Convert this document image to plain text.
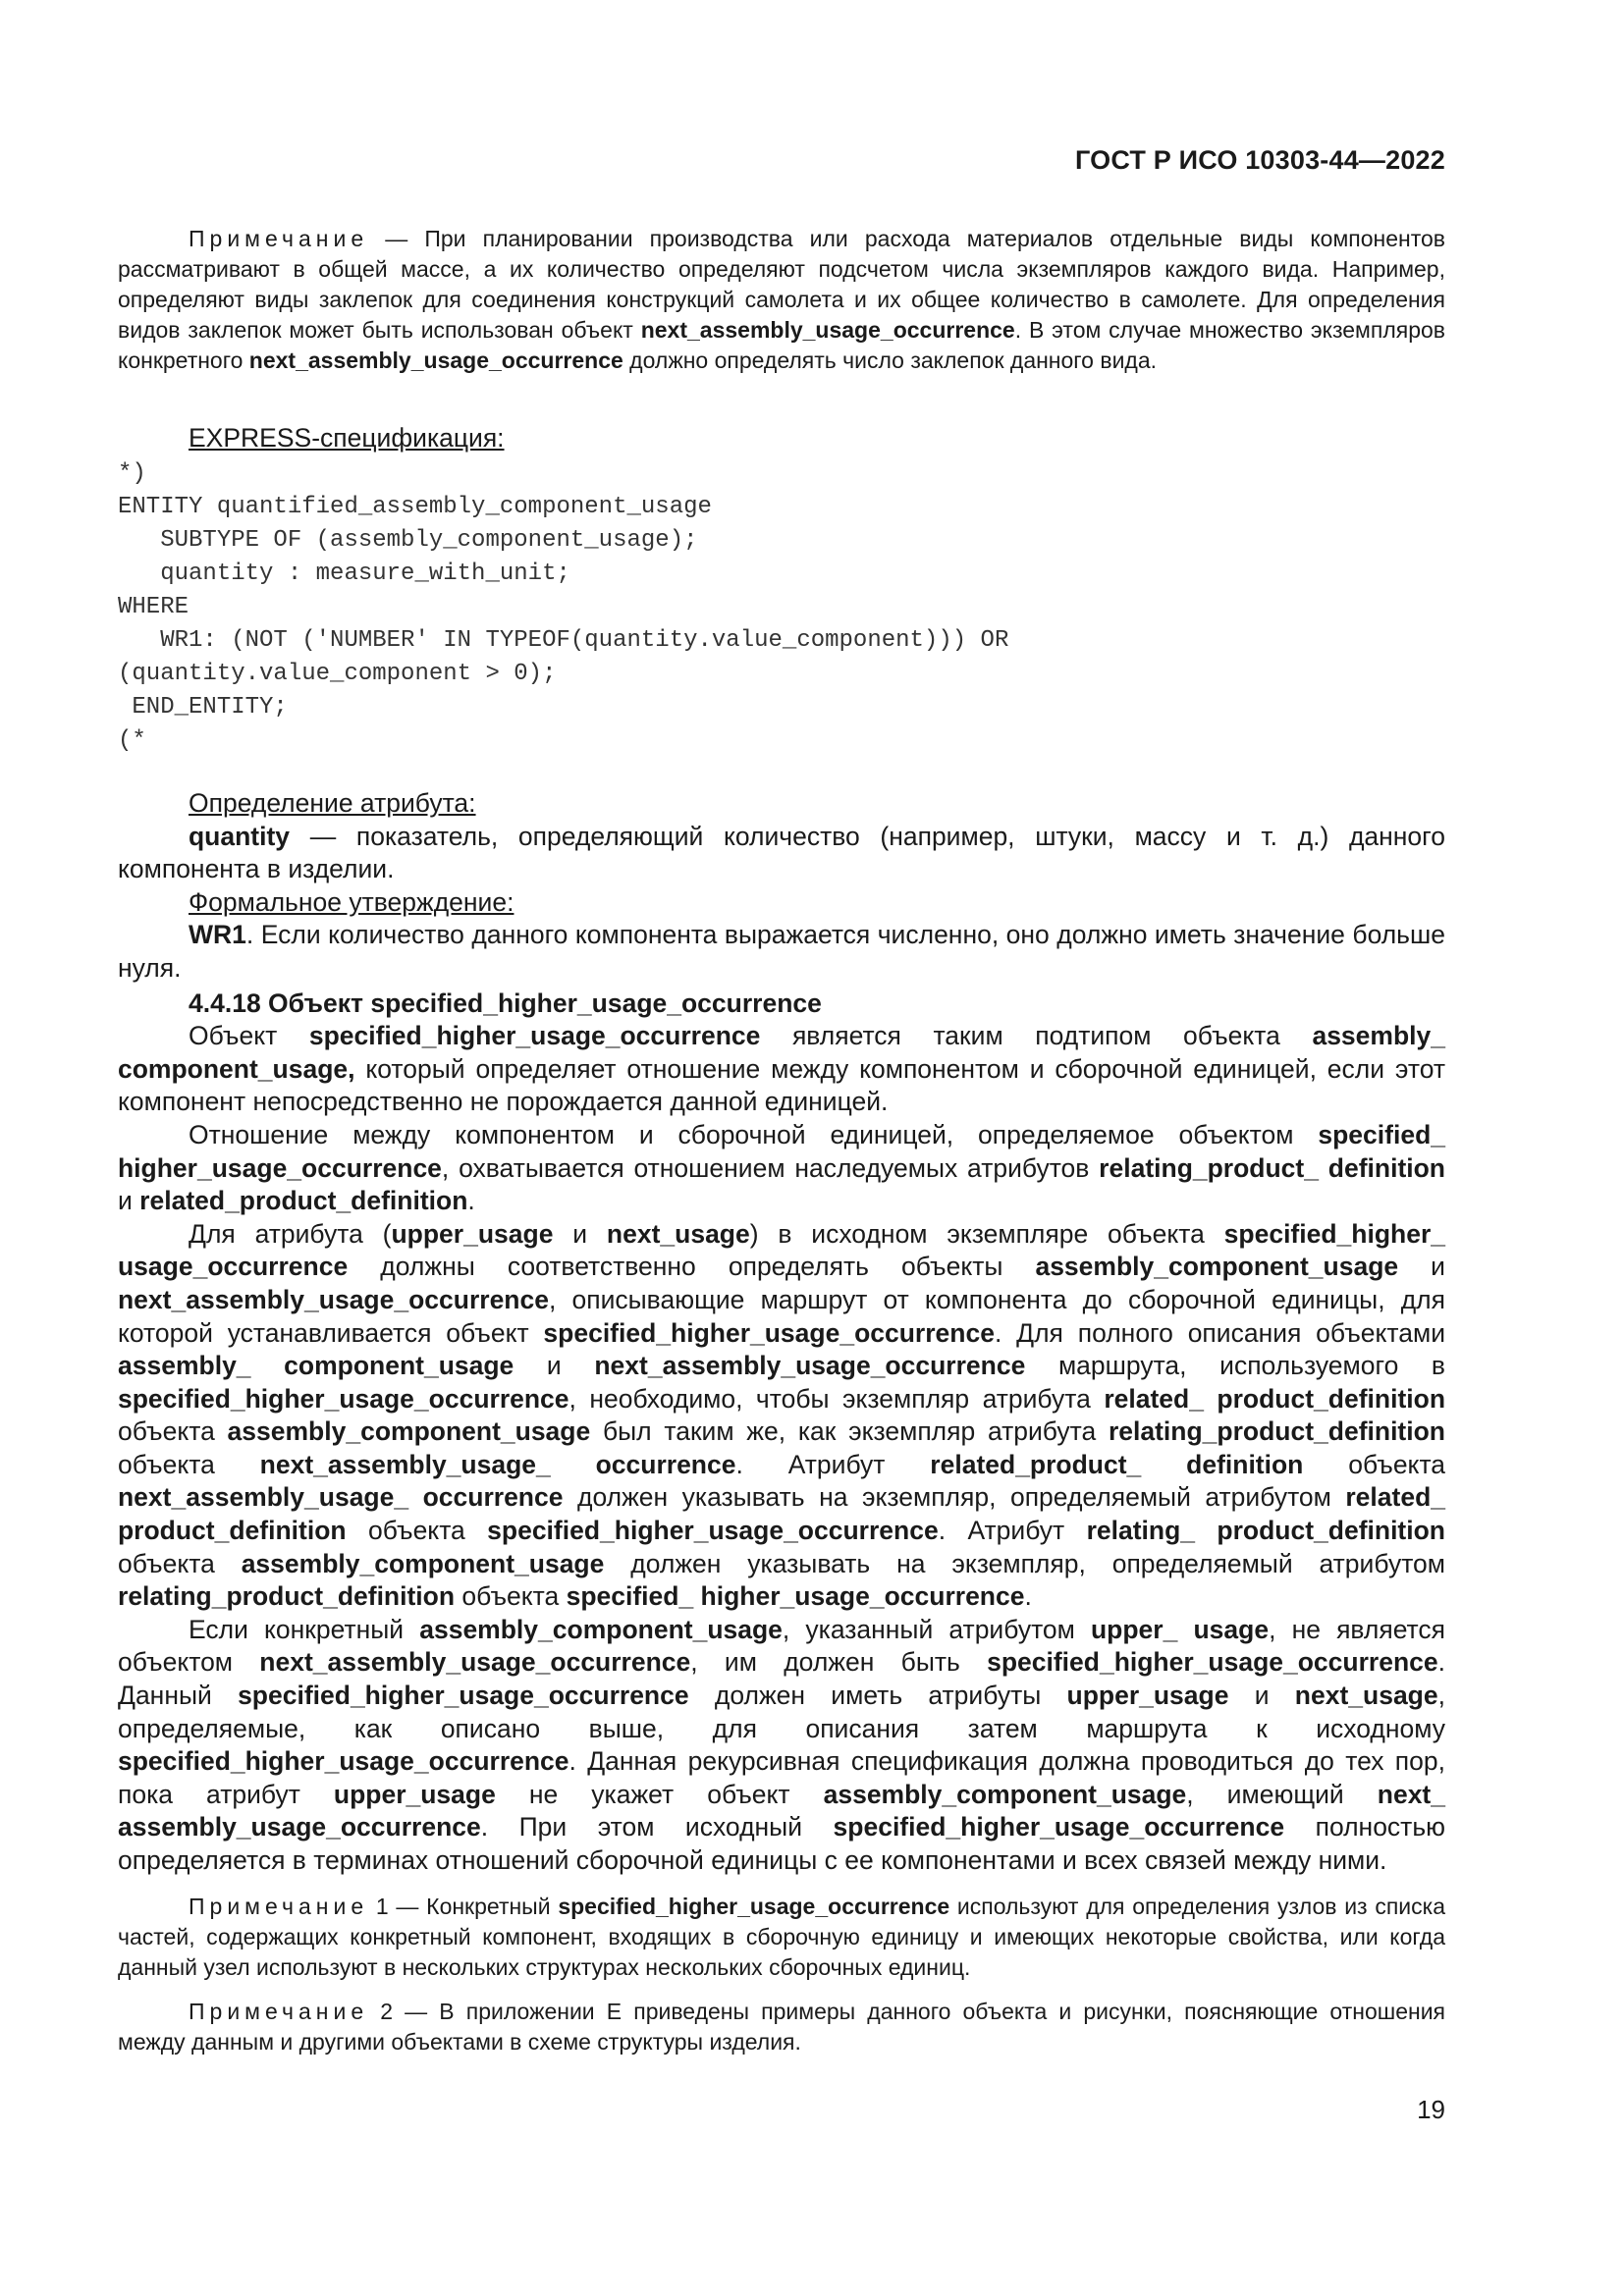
ГОСТ Р ИСО 10303-44—2022

Примечание — При планировании производства или расхода материалов отдельные виды компонентов рассматривают в общей массе, а их количество определяют подсчетом числа экземпляров каждого вида. Например, определяют виды заклепок для соединения конструкций самолета и их общее количество в самолете. Для определения видов заклепок может быть использован объект next_assembly_usage_occurrence. В этом случае множество экземпляров конкретного next_assembly_usage_occurrence должно определять число заклепок данного вида.

EXPRESS-спецификация:

*)
ENTITY quantified_assembly_component_usage
SUBTYPE OF (assembly_component_usage);
quantity : measure_with_unit;
WHERE
WR1: (NOT ('NUMBER' IN TYPEOF(quantity.value_component))) OR
(quantity.value_component > 0);
END_ENTITY;
(*

Определение атрибута:

quantity — показатель, определяющий количество (например, штуки, массу и т. д.) данного компонента в изделии.

Формальное утверждение:

WR1. Если количество данного компонента выражается численно, оно должно иметь значение больше нуля.

4.4.18 Объект specified_higher_usage_occurrence

Объект specified_higher_usage_occurrence является таким подтипом объекта assembly_ component_usage, который определяет отношение между компонентом и сборочной единицей, если этот компонент непосредственно не порождается данной единицей.

Отношение между компонентом и сборочной единицей, определяемое объектом specified_ higher_usage_occurrence, охватывается отношением наследуемых атрибутов relating_product_ definition и related_product_definition.

Для атрибута (upper_usage и next_usage) в исходном экземпляре объекта specified_higher_ usage_occurrence должны соответственно определять объекты assembly_component_usage и next_assembly_usage_occurrence, описывающие маршрут от компонента до сборочной единицы, для которой устанавливается объект specified_higher_usage_occurrence. Для полного описания объектами assembly_ component_usage и next_assembly_usage_occurrence маршрута, используемого в specified_higher_usage_occurrence, необходимо, чтобы экземпляр атрибута related_ product_definition объекта assembly_component_usage был таким же, как экземпляр атрибута relating_product_definition объекта next_assembly_usage_ occurrence. Атрибут related_product_ definition объекта next_assembly_usage_ occurrence должен указывать на экземпляр, определяемый атрибутом related_ product_definition объекта specified_higher_usage_occurrence. Атрибут relating_ product_definition объекта assembly_component_usage должен указывать на экземпляр, определяемый атрибутом relating_product_definition объекта specified_ higher_usage_occurrence.

Если конкретный assembly_component_usage, указанный атрибутом upper_ usage, не является объектом next_assembly_usage_occurrence, им должен быть specified_higher_usage_occurrence. Данный specified_higher_usage_occurrence должен иметь атрибуты upper_usage и next_usage, определяемые, как описано выше, для описания затем маршрута к исходному specified_higher_usage_occurrence. Данная рекурсивная спецификация должна проводиться до тех пор, пока атрибут upper_usage не укажет объект assembly_component_usage, имеющий next_ assembly_usage_occurrence. При этом исходный specified_higher_usage_occurrence полностью определяется в терминах отношений сборочной единицы с ее компонентами и всех связей между ними.

Примечание 1 — Конкретный specified_higher_usage_occurrence используют для определения узлов из списка частей, содержащих конкретный компонент, входящих в сборочную единицу и имеющих некоторые свойства, или когда данный узел используют в нескольких структурах нескольких сборочных единиц.

Примечание 2 — В приложении Е приведены примеры данного объекта и рисунки, поясняющие отношения между данным и другими объектами в схеме структуры изделия.

19
